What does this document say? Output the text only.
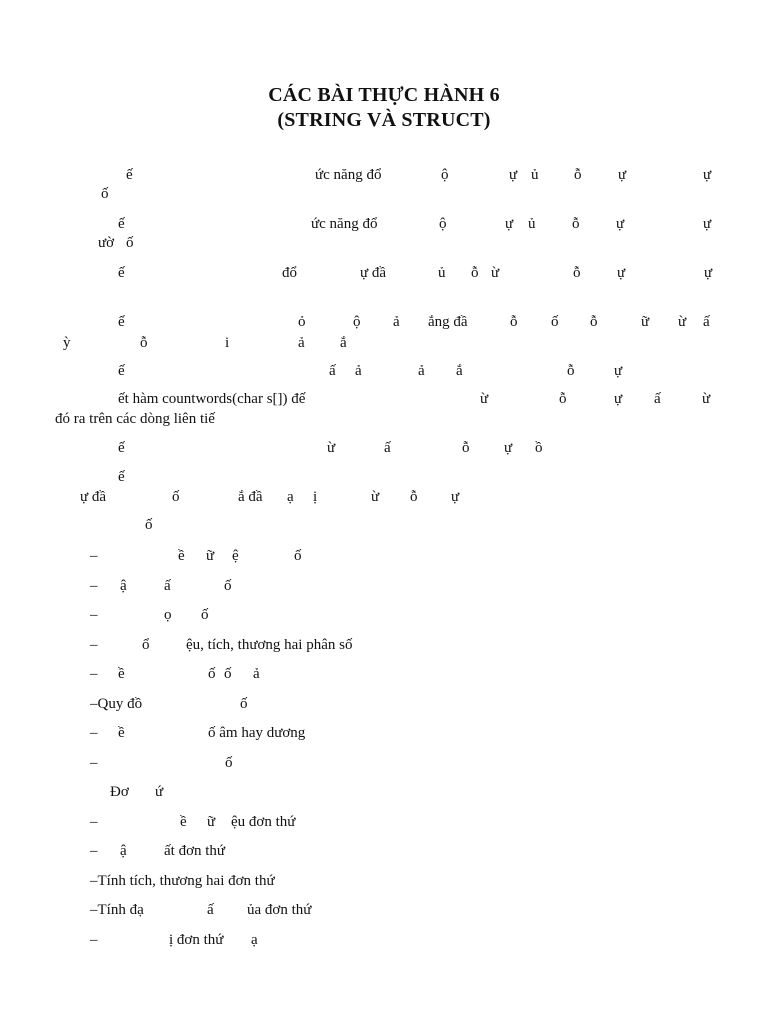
CÁC BÀI THỰC HÀNH 6
(STRING VÀ STRUCT)
ế	ức năng đổ	ộ	ự ủ ỗ ự	ự
ố
ế	ức năng đổ	ộ	ự ủ ỗ ự	ự
ườ ố
ế	đổ	ự đầ	ủ ỗ ừ	ỗ ự	ự
ế	ỏ	ộ ả ắng đầ	ỗ ố ỗ	ữ ừ ấ
ỳ	ỗ	i	ả ắ
ế	ấ ả	ả ắ	ỗ	ự
ết hàm countwords(char s[]) đế	ừ	ỗ	ự ấ	ừ
đó ra trên các dòng liên tiế
ế	ừ	ấ	ỗ ự ồ
ế
ự đầ	ố	ắ đầ ạ ị	ừ ỗ ự
ố
–	ề ữ ệ	ố
– ậ ấ	ố
–	ọ ố
–	ổ ệu, tích, thương hai phân số
– ề	ố ố ả
–Quy đồ	ố
– ề	ố âm hay dương
–	ố
Đơ ứ
–	ề ữ ệu đơn thứ
– ậ ất đơn thứ
–Tính tích, thương hai đơn thứ
–Tính đạ	ấ ủa đơn thứ
–	ị đơn thứ ạ
